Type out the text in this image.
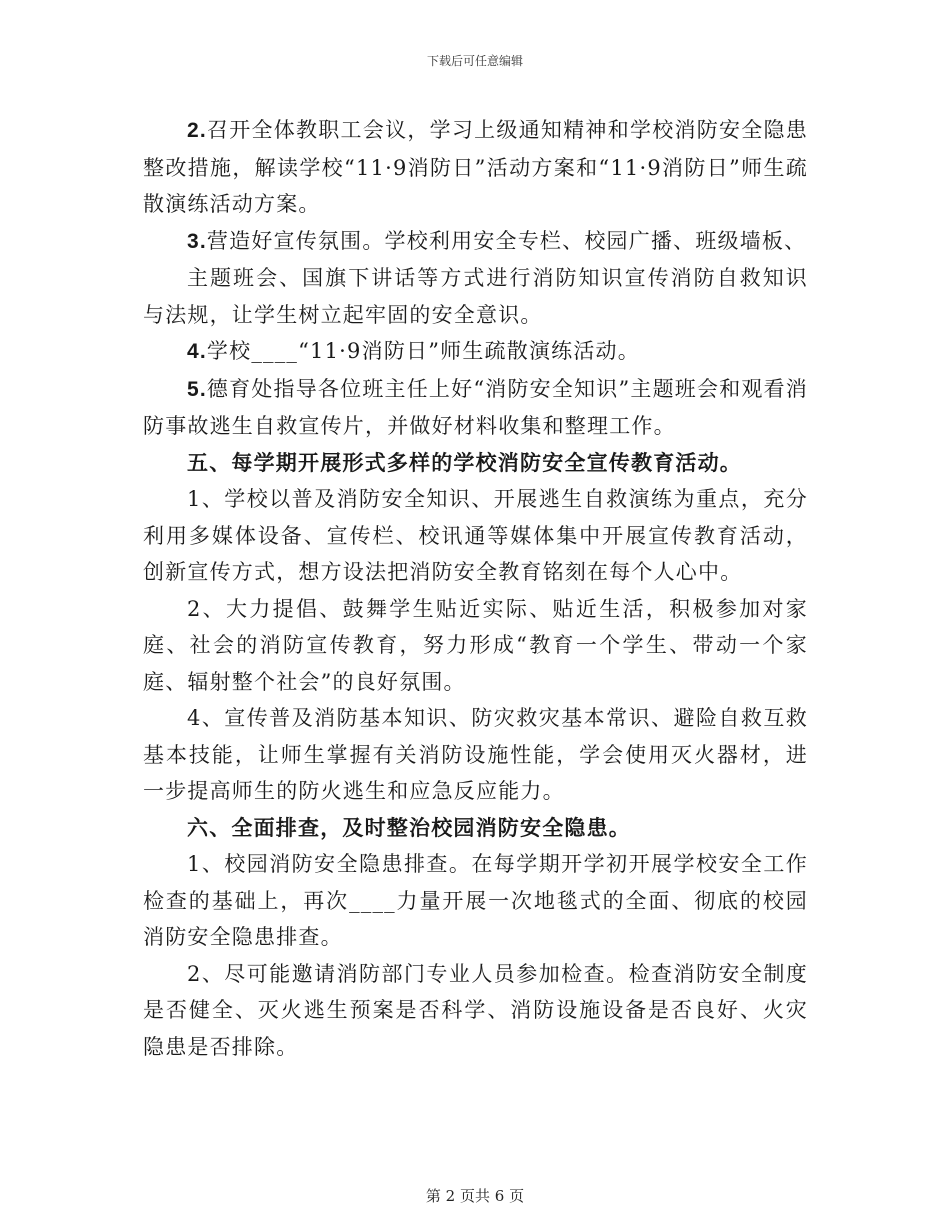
下载后可任意编辑

2.召开全体教职工会议，学习上级通知精神和学校消防安全隐患整改措施，解读学校“11·9消防日”活动方案和“11·9消防日”师生疏散演练活动方案。

3.营造好宣传氛围。学校利用安全专栏、校园广播、班级墙板、

主题班会、国旗下讲话等方式进行消防知识宣传消防自救知识与法规，让学生树立起牢固的安全意识。

4.学校____“11·9消防日”师生疏散演练活动。

5.德育处指导各位班主任上好“消防安全知识”主题班会和观看消防事故逃生自救宣传片，并做好材料收集和整理工作。

五、每学期开展形式多样的学校消防安全宣传教育活动。

1、学校以普及消防安全知识、开展逃生自救演练为重点，充分利用多媒体设备、宣传栏、校讯通等媒体集中开展宣传教育活动，创新宣传方式，想方设法把消防安全教育铭刻在每个人心中。

2、大力提倡、鼓舞学生贴近实际、贴近生活，积极参加对家庭、社会的消防宣传教育，努力形成“教育一个学生、带动一个家庭、辐射整个社会”的良好氛围。

4、宣传普及消防基本知识、防灾救灾基本常识、避险自救互救基本技能，让师生掌握有关消防设施性能，学会使用灭火器材，进一步提高师生的防火逃生和应急反应能力。

六、全面排查，及时整治校园消防安全隐患。

1、校园消防安全隐患排查。在每学期开学初开展学校安全工作检查的基础上，再次____力量开展一次地毯式的全面、彻底的校园消防安全隐患排查。

2、尽可能邀请消防部门专业人员参加检查。检查消防安全制度是否健全、灭火逃生预案是否科学、消防设施设备是否良好、火灾隐患是否排除。

第 2 页共 6 页
